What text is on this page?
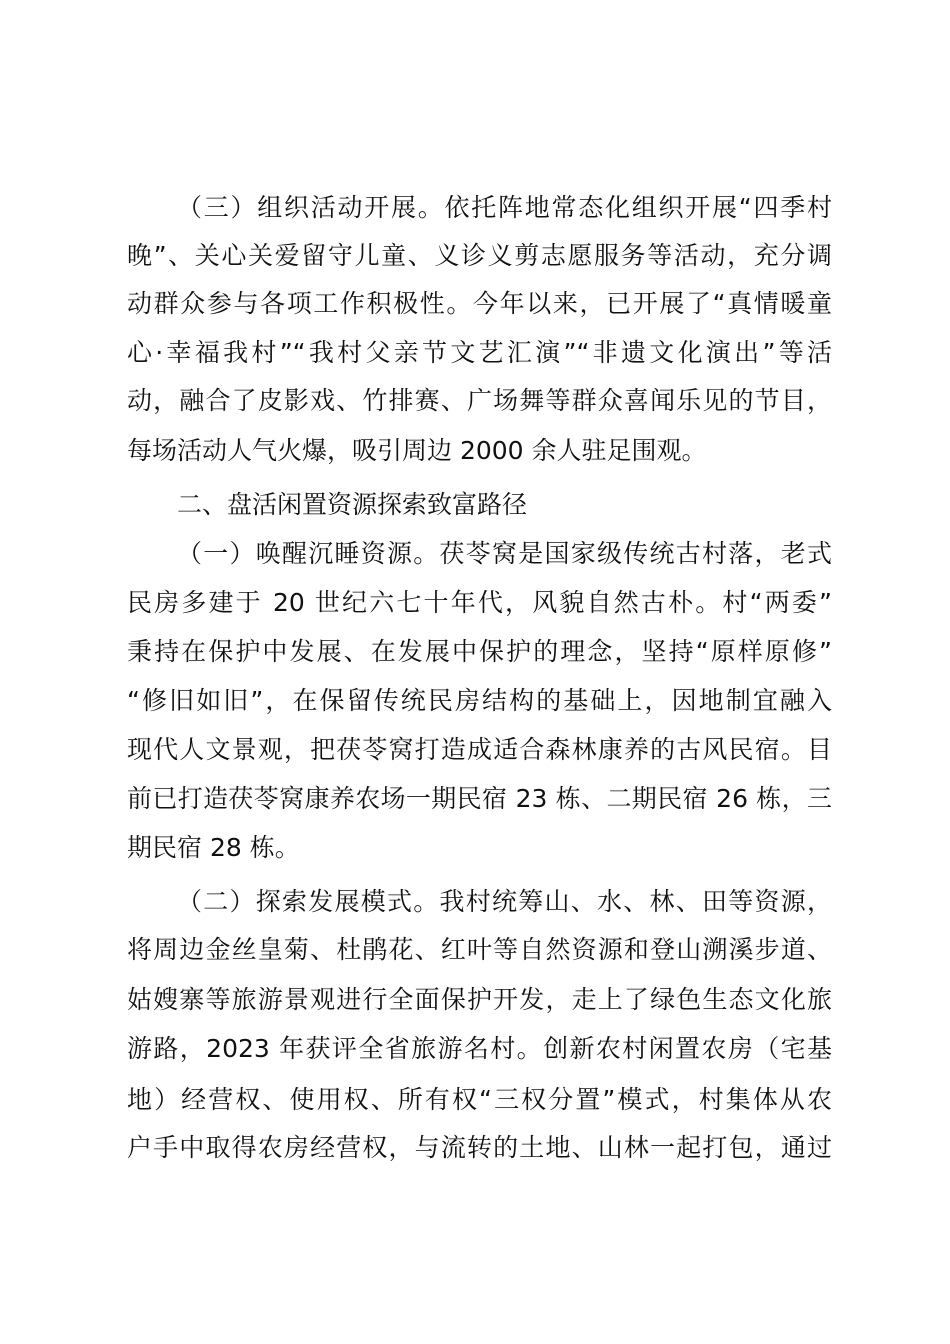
（三）组织活动开展。依托阵地常态化组织开展“四季村
晚”、关心关爱留守儿童、义诊义剪志愿服务等活动，充分调
动群众参与各项工作积极性。今年以来，已开展了“真情暖童
心·幸福我村”“我村父亲节文艺汇演”“非遗文化演出”等活
动，融合了皮影戏、竹排赛、广场舞等群众喜闻乐见的节目，
每场活动人气火爆，吸引周边 2000 余人驻足围观。
二、盘活闲置资源探索致富路径
（一）唤醒沉睡资源。茯苓窝是国家级传统古村落，老式
民房多建于 20 世纪六七十年代，风貌自然古朴。村“两委”
秉持在保护中发展、在发展中保护的理念，坚持“原样原修”
“修旧如旧”，在保留传统民房结构的基础上，因地制宜融入
现代人文景观，把茯苓窝打造成适合森林康养的古风民宿。目
前已打造茯苓窝康养农场一期民宿 23 栋、二期民宿 26 栋，三
期民宿 28 栋。
（二）探索发展模式。我村统筹山、水、林、田等资源，
将周边金丝皇菊、杜鹃花、红叶等自然资源和登山溯溪步道、
姑嫂寨等旅游景观进行全面保护开发，走上了绿色生态文化旅
游路，2023 年获评全省旅游名村。创新农村闲置农房（宅基
地）经营权、使用权、所有权“三权分置”模式，村集体从农
户手中取得农房经营权，与流转的土地、山林一起打包，通过
